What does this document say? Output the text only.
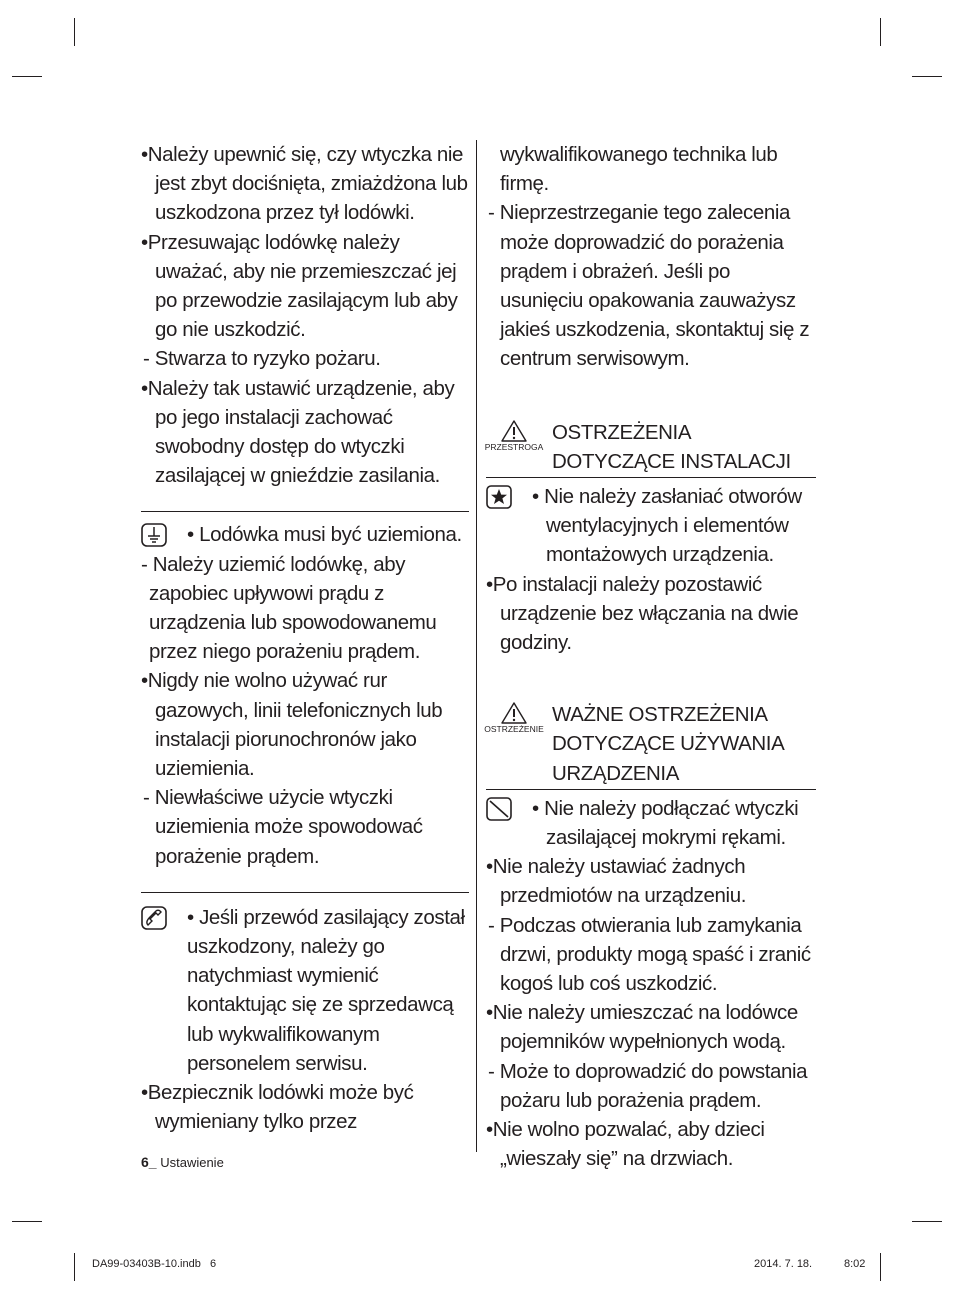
•Należy upewnić się, czy wtyczka nie jest zbyt dociśnięta, zmiażdżona lub uszkodzona przez tył lodówki.

•Przesuwając lodówkę należy uważać, aby nie przemieszczać jej po przewodzie zasilającym lub aby go nie uszkodzić.

- Stwarza to ryzyko pożaru.

•Należy tak ustawić urządzenie, aby po jego instalacji zachować swobodny dostęp do wtyczki zasilającej w gnieździe zasilania.

• Lodówka musi być uziemiona.

- Należy uziemić lodówkę, aby zapobiec upływowi prądu z urządzenia lub spowodowanemu przez niego porażeniu prądem.

•Nigdy nie wolno używać rur gazowych, linii telefonicznych lub instalacji piorunochronów jako uziemienia.

- Niewłaściwe użycie wtyczki uziemienia może spowodować porażenie prądem.

• Jeśli przewód zasilający został uszkodzony, należy go natychmiast wymienić kontaktując się ze sprzedawcą lub wykwalifikowanym personelem serwisu.

•Bezpiecznik lodówki może być wymieniany tylko przez

wykwalifikowanego technika lub firmę.

- Nieprzestrzeganie tego zalecenia może doprowadzić do porażenia prądem i obrażeń. Jeśli po usunięciu opakowania zauważysz jakieś uszkodzenia, skontaktuj się z centrum serwisowym.

PRZESTROGA

OSTRZEŻENIA DOTYCZĄCE INSTALACJI

• Nie należy zasłaniać otworów wentylacyjnych i elementów montażowych urządzenia.

•Po instalacji należy pozostawić urządzenie bez włączania na dwie godziny.

OSTRZEŻENIE

WAŻNE OSTRZEŻENIA DOTYCZĄCE UŻYWANIA URZĄDZENIA

• Nie należy podłączać wtyczki zasilającej mokrymi rękami.

•Nie należy ustawiać żadnych przedmiotów na urządzeniu.

- Podczas otwierania lub zamykania drzwi, produkty mogą spaść i zranić kogoś lub coś uszkodzić.

•Nie należy umieszczać na lodówce pojemników wypełnionych wodą.

- Może to doprowadzić do powstania pożaru lub porażenia prądem.

•Nie wolno pozwalać, aby dzieci „wieszały się” na drzwiach.

6_ Ustawienie
DA99-03403B-10.indb 6	2014. 7. 18.	8:02
